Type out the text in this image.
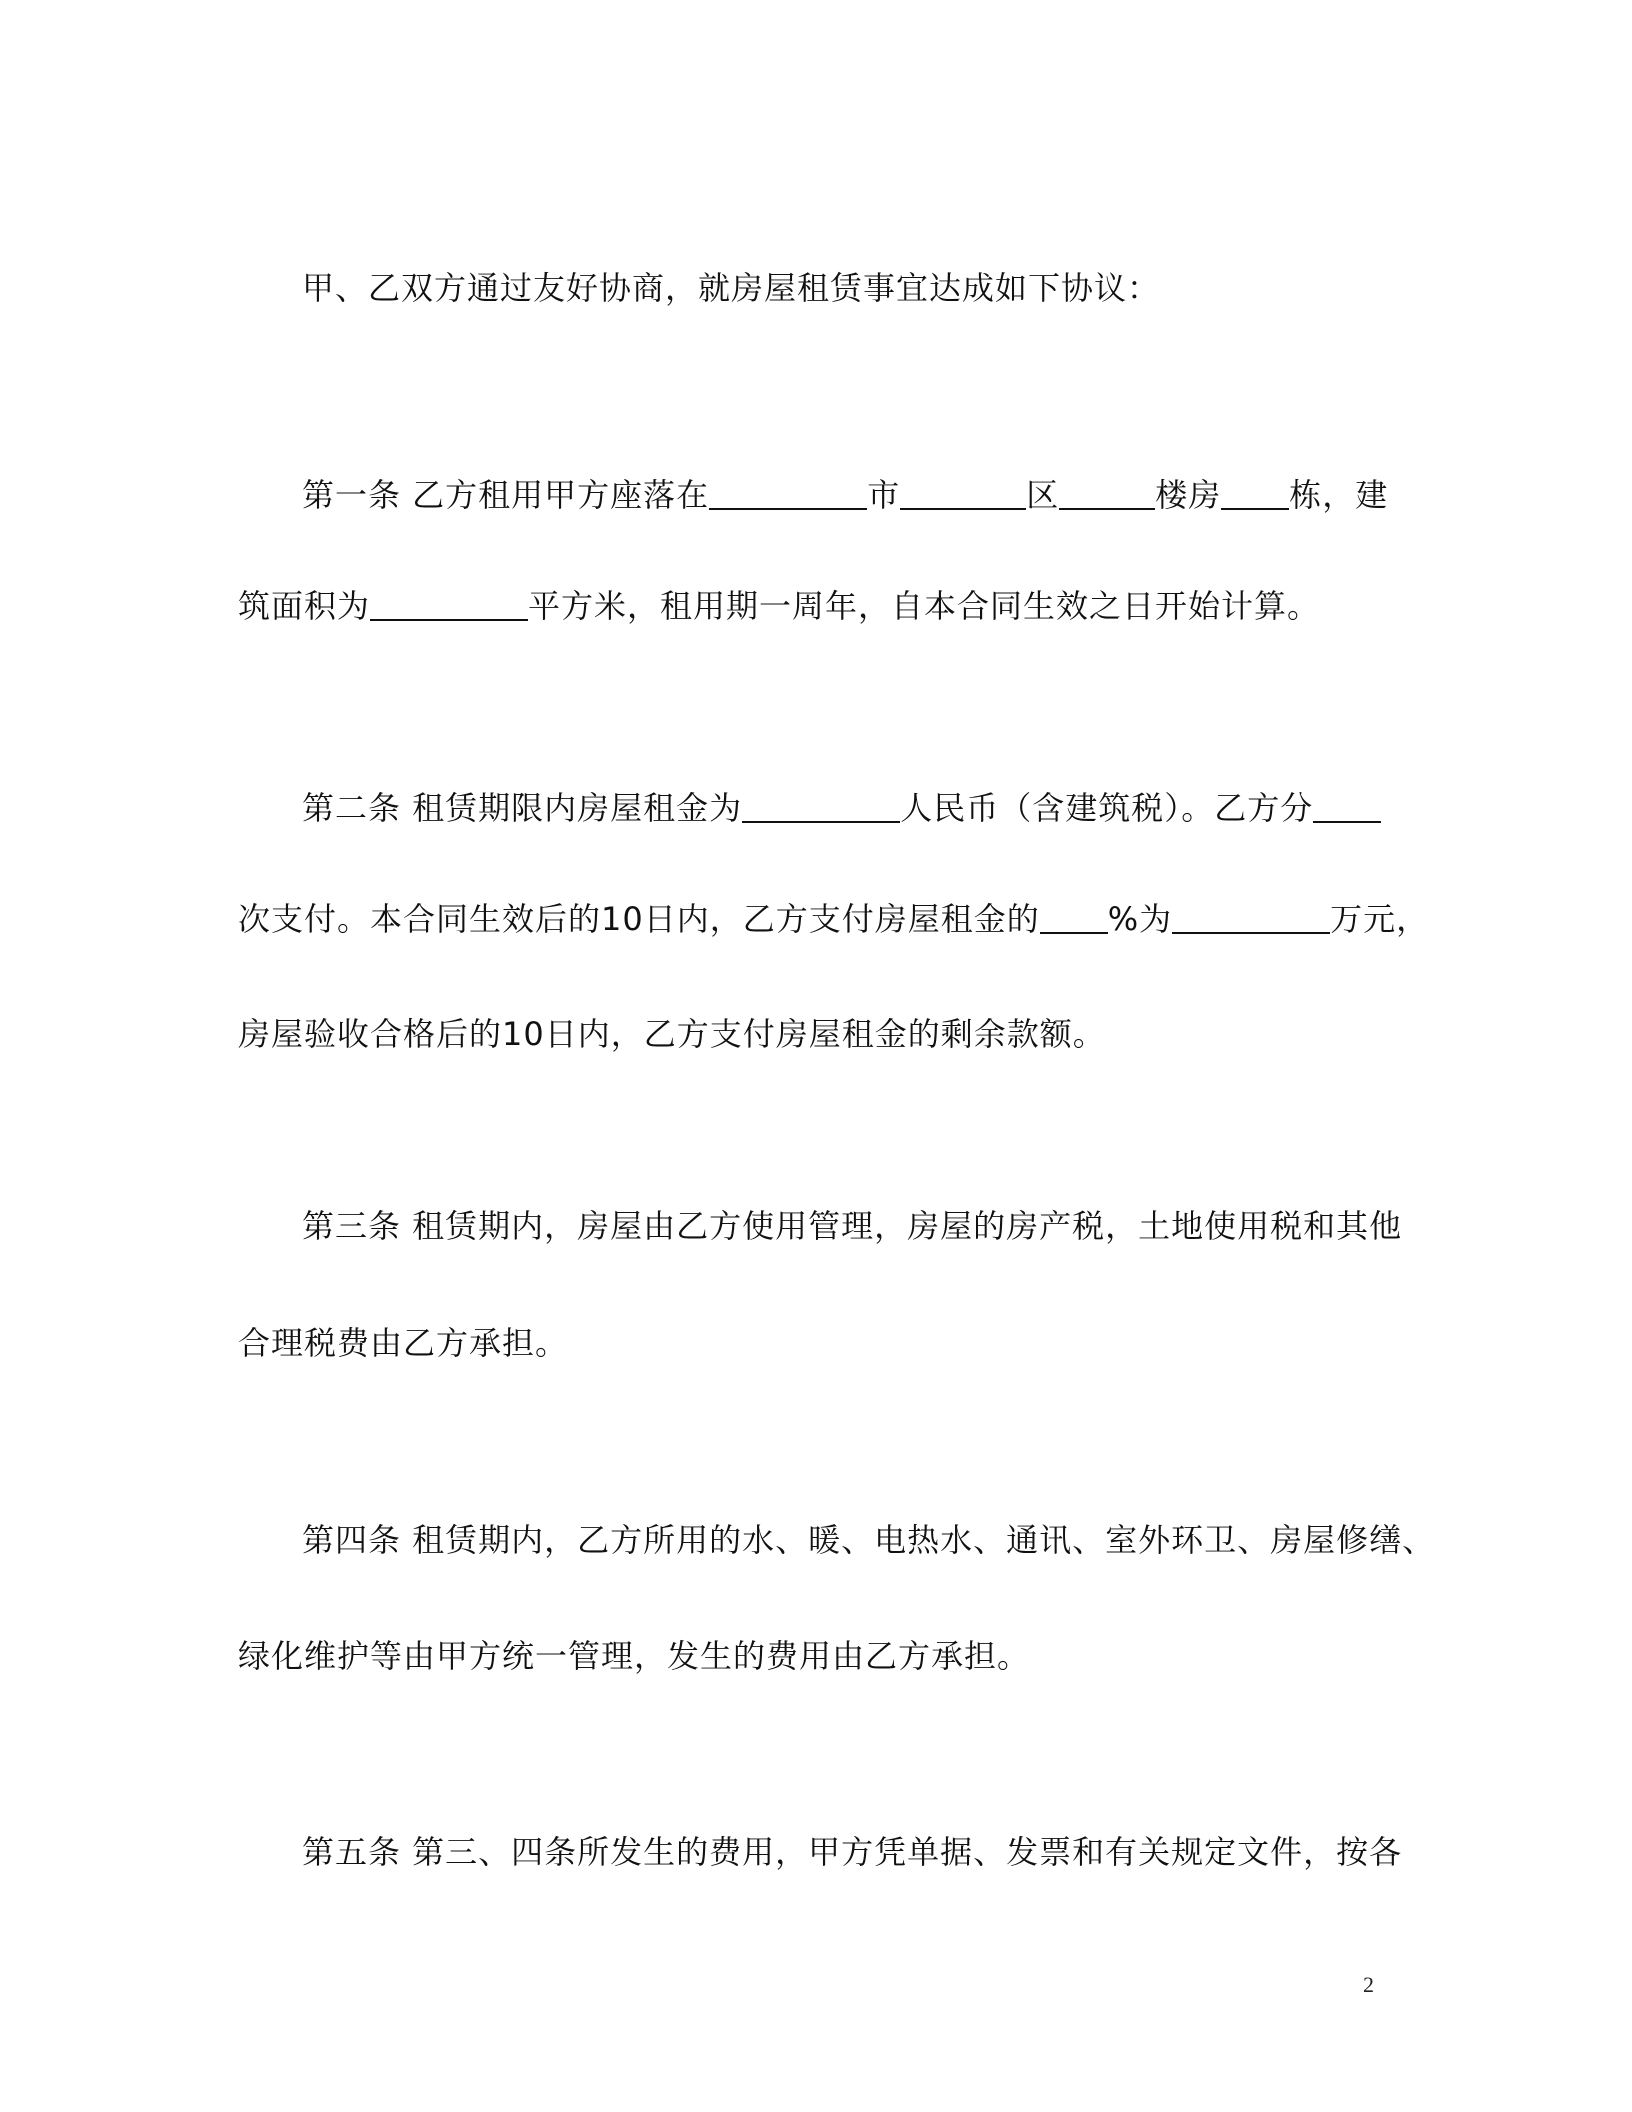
甲、乙双方通过友好协商，就房屋租赁事宜达成如下协议：
第一条 乙方租用甲方座落在	市	区	楼房 栋，建
筑面积为	平方米，租用期一周年，自本合同生效之日开始计算。
第二条 租赁期限内房屋租金为	人民币（含建筑税）。乙方分
次支付。本合同生效后的10日内，乙方支付房屋租金的 %为	万元，
房屋验收合格后的10日内，乙方支付房屋租金的剩余款额。
第三条 租赁期内，房屋由乙方使用管理，房屋的房产税，土地使用税和其他
合理税费由乙方承担。
第四条 租赁期内，乙方所用的水、暖、电热水、通讯、室外环卫、房屋修缮、
绿化维护等由甲方统一管理，发生的费用由乙方承担。
第五条 第三、四条所发生的费用，甲方凭单据、发票和有关规定文件，按各
2
